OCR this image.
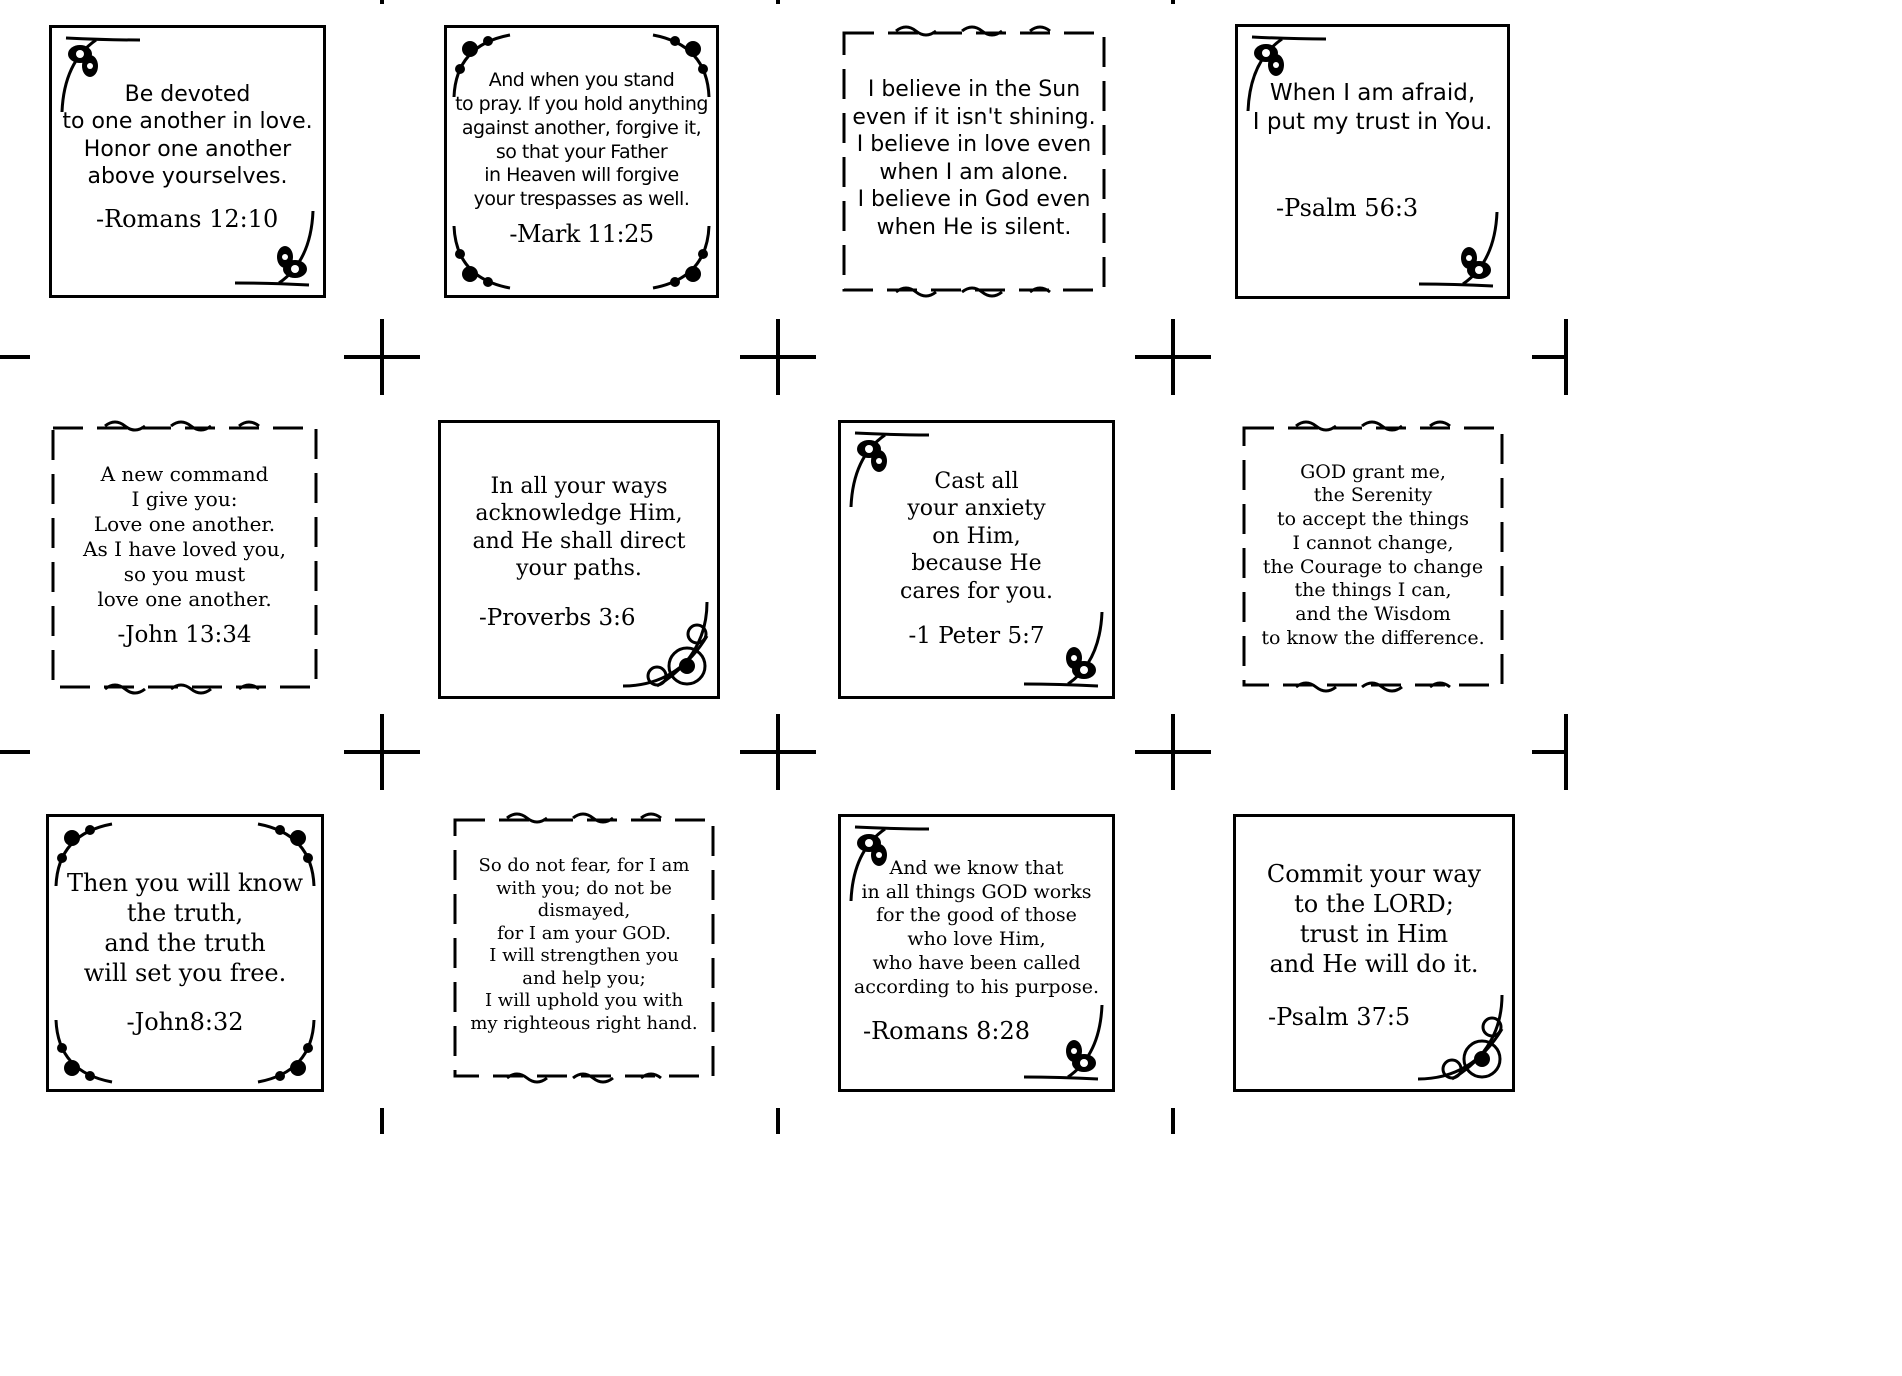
Be devoted
to one another in love.
Honor one another
above yourselves.
-Romans 12:10
And when you stand
to pray. If you hold anything
against another, forgive it,
so that your Father
in Heaven will forgive
your trespasses as well.
-Mark 11:25
I believe in the Sun
even if it isn't shining.
I believe in love even
when I am alone.
I believe in God even
when He is silent.
When I am afraid,
I put my trust in You.
-Psalm 56:3
A new command
I give you:
Love one another.
As I have loved you,
so you must
love one another.
-John 13:34
In all your ways
acknowledge Him,
and He shall direct
your paths.
-Proverbs 3:6
Cast all
your anxiety
on Him,
because He
cares for you.
-1 Peter 5:7
GOD grant me,
the Serenity
to accept the things
I cannot change,
the Courage to change
the things I can,
and the Wisdom
to know the difference.
Then you will know
the truth,
and the truth
will set you free.
-John8:32
So do not fear, for I am
with you; do not be
dismayed,
for I am your GOD.
I will strengthen you
and help you;
I will uphold you with
my righteous right hand.
And we know that
in all things GOD works
for the good of those
who love Him,
who have been called
according to his purpose.
-Romans 8:28
Commit your way
to the LORD;
trust in Him
and He will do it.
-Psalm 37:5
